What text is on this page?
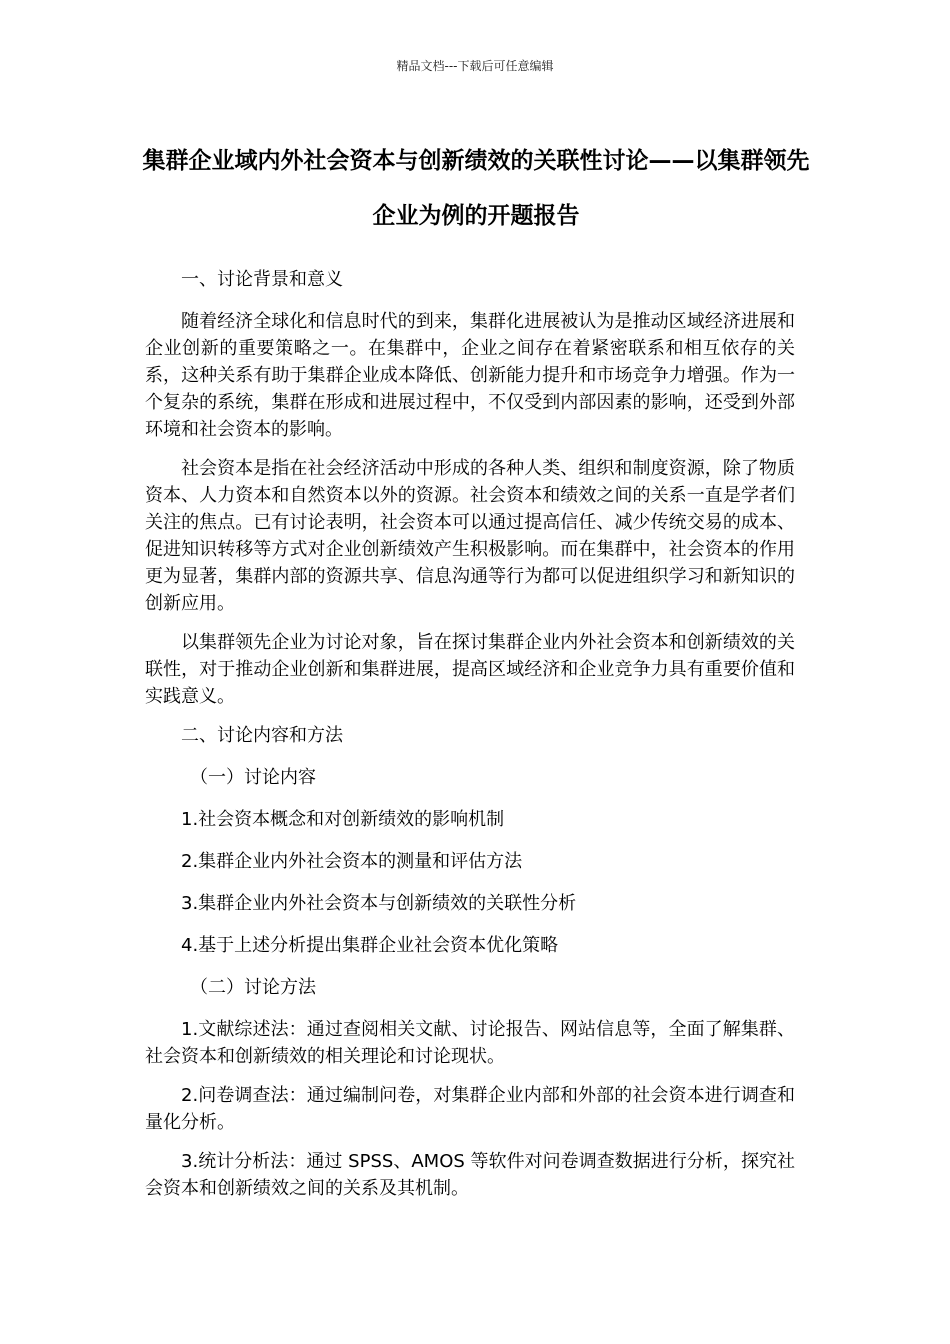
精品文档---下载后可任意编辑
集群企业域内外社会资本与创新绩效的关联性讨论——以集群领先企业为例的开题报告

一、讨论背景和意义

随着经济全球化和信息时代的到来，集群化进展被认为是推动区域经济进展和企业创新的重要策略之一。在集群中，企业之间存在着紧密联系和相互依存的关系，这种关系有助于集群企业成本降低、创新能力提升和市场竞争力增强。作为一个复杂的系统，集群在形成和进展过程中，不仅受到内部因素的影响，还受到外部环境和社会资本的影响。

社会资本是指在社会经济活动中形成的各种人类、组织和制度资源，除了物质资本、人力资本和自然资本以外的资源。社会资本和绩效之间的关系一直是学者们关注的焦点。已有讨论表明，社会资本可以通过提高信任、减少传统交易的成本、促进知识转移等方式对企业创新绩效产生积极影响。而在集群中，社会资本的作用更为显著，集群内部的资源共享、信息沟通等行为都可以促进组织学习和新知识的创新应用。

以集群领先企业为讨论对象，旨在探讨集群企业内外社会资本和创新绩效的关联性，对于推动企业创新和集群进展，提高区域经济和企业竞争力具有重要价值和实践意义。

二、讨论内容和方法

（一）讨论内容

1.社会资本概念和对创新绩效的影响机制

2.集群企业内外社会资本的测量和评估方法

3.集群企业内外社会资本与创新绩效的关联性分析

4.基于上述分析提出集群企业社会资本优化策略

（二）讨论方法

1.文献综述法：通过查阅相关文献、讨论报告、网站信息等，全面了解集群、社会资本和创新绩效的相关理论和讨论现状。

2.问卷调查法：通过编制问卷，对集群企业内部和外部的社会资本进行调查和量化分析。

3.统计分析法：通过 SPSS、AMOS 等软件对问卷调查数据进行分析，探究社会资本和创新绩效之间的关系及其机制。
